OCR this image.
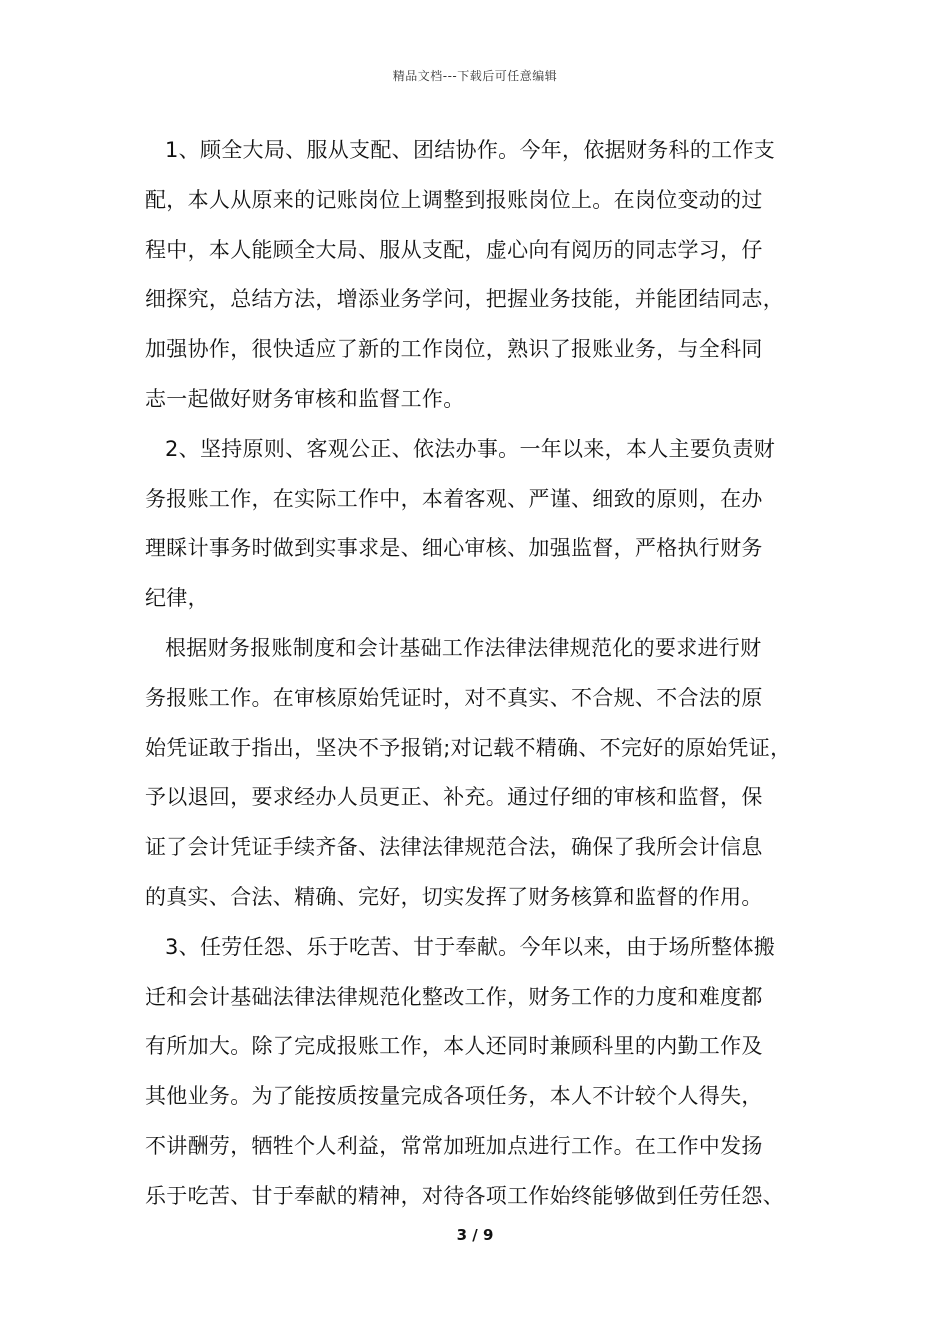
精品文档---下载后可任意编辑
1、顾全大局、服从支配、团结协作。今年，依据财务科的工作支
配，本人从原来的记账岗位上调整到报账岗位上。在岗位变动的过
程中，本人能顾全大局、服从支配，虚心向有阅历的同志学习，仔
细探究，总结方法，增添业务学问，把握业务技能，并能团结同志，
加强协作，很快适应了新的工作岗位，熟识了报账业务，与全科同
志一起做好财务审核和监督工作。
2、坚持原则、客观公正、依法办事。一年以来，本人主要负责财
务报账工作，在实际工作中，本着客观、严谨、细致的原则，在办
理睬计事务时做到实事求是、细心审核、加强监督，严格执行财务
纪律，
根据财务报账制度和会计基础工作法律法律规范化的要求进行财
务报账工作。在审核原始凭证时，对不真实、不合规、不合法的原
始凭证敢于指出，坚决不予报销;对记载不精确、不完好的原始凭证，
予以退回，要求经办人员更正、补充。通过仔细的审核和监督，保
证了会计凭证手续齐备、法律法律规范合法，确保了我所会计信息
的真实、合法、精确、完好，切实发挥了财务核算和监督的作用。
3、任劳任怨、乐于吃苦、甘于奉献。今年以来，由于场所整体搬
迁和会计基础法律法律规范化整改工作，财务工作的力度和难度都
有所加大。除了完成报账工作，本人还同时兼顾科里的内勤工作及
其他业务。为了能按质按量完成各项任务，本人不计较个人得失，
不讲酬劳，牺牲个人利益，常常加班加点进行工作。在工作中发扬
乐于吃苦、甘于奉献的精神，对待各项工作始终能够做到任劳任怨、
3 / 9
